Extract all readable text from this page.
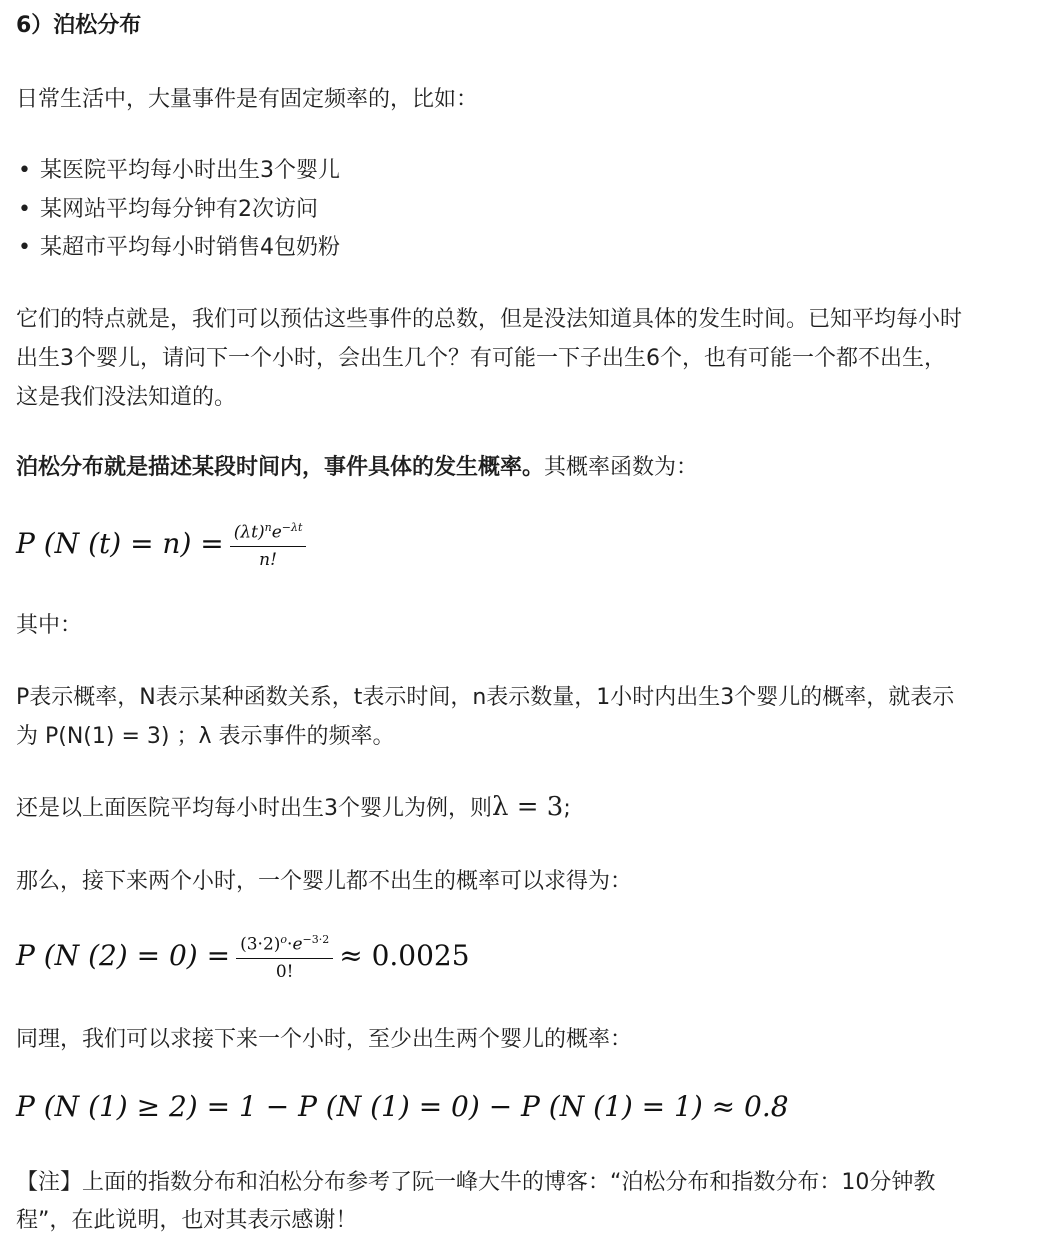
6）泊松分布
日常生活中，大量事件是有固定频率的，比如：
• 某医院平均每小时出生3个婴儿
• 某网站平均每分钟有2次访问
• 某超市平均每小时销售4包奶粉
它们的特点就是，我们可以预估这些事件的总数，但是没法知道具体的发生时间。已知平均每小时
出生3个婴儿，请问下一个小时，会出生几个？有可能一下子出生6个，也有可能一个都不出生，
这是我们没法知道的。
泊松分布就是描述某段时间内，事件具体的发生概率。其概率函数为：
P (N $(t) = n) = \frac{(\lambda t)^ne^{-\lambda t}}{n!}$
其中：
P表示概率，N表示某种函数关系，t表示时间，n表示数量，1小时内出生3个婴儿的概率，就表示
为 P(N(1) = 3) ；λ 表示事件的频率。
还是以上面医院平均每小时出生3个婴儿为例，则λ = 3;
那么，接下来两个小时，一个婴儿都不出生的概率可以求得为：
P (N $(2) = 0) = \frac{(3\cdot 2)^o\cdot e^{-3\cdot 2}}{0!} \approx 0.0025$
同理，我们可以求接下来一个小时，至少出生两个婴儿的概率：
P (N (1) ≥ 2) = 1 − P (N (1) = 0) − P (N (1) = 1) ≈ 0.8
【注】上面的指数分布和泊松分布参考了阮一峰大牛的博客：“泊松分布和指数分布：10分钟教
程”，在此说明，也对其表示感谢！
